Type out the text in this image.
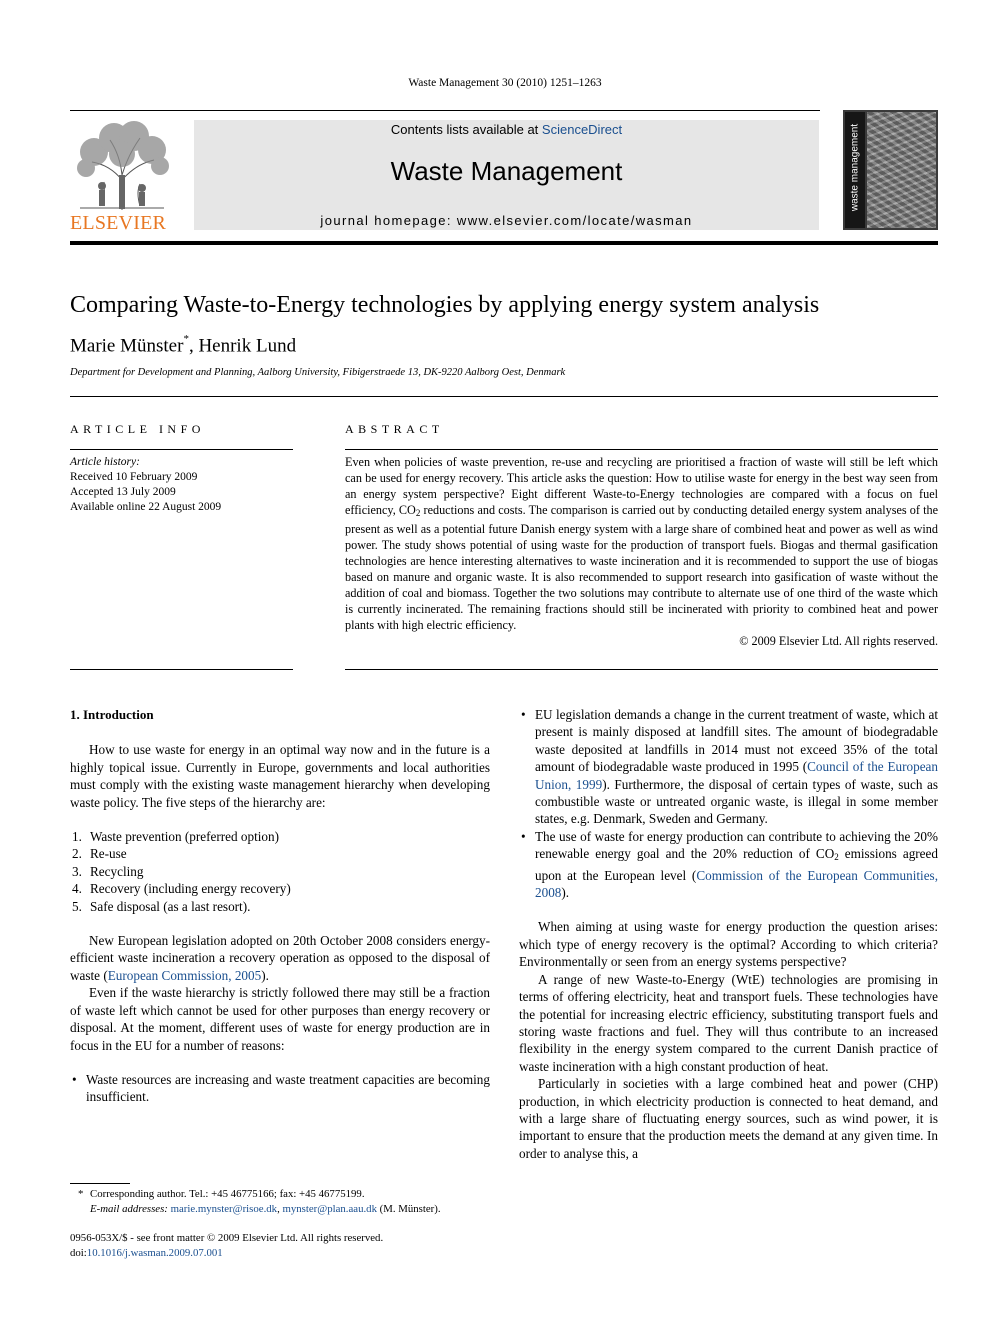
Waste Management 30 (2010) 1251–1263
ELSEVIER
Contents lists available at ScienceDirect
Waste Management
journal homepage: www.elsevier.com/locate/wasman
waste management
Comparing Waste-to-Energy technologies by applying energy system analysis
Marie Münster*, Henrik Lund
Department for Development and Planning, Aalborg University, Fibigerstraede 13, DK-9220 Aalborg Oest, Denmark
ARTICLE INFO
Article history:
Received 10 February 2009
Accepted 13 July 2009
Available online 22 August 2009
ABSTRACT
Even when policies of waste prevention, re-use and recycling are prioritised a fraction of waste will still be left which can be used for energy recovery. This article asks the question: How to utilise waste for energy in the best way seen from an energy system perspective? Eight different Waste-to-Energy technologies are compared with a focus on fuel efficiency, $CO_2$ reductions and costs. The comparison is carried out by conducting detailed energy system analyses of the present as well as a potential future Danish energy system with a large share of combined heat and power as well as wind power. The study shows potential of using waste for the production of transport fuels. Biogas and thermal gasification technologies are hence interesting alternatives to waste incineration and it is recommended to support the use of biogas based on manure and organic waste. It is also recommended to support research into gasification of waste without the addition of coal and biomass. Together the two solutions may contribute to alternate use of one third of the waste which is currently incinerated. The remaining fractions should still be incinerated with priority to combined heat and power plants with high electric efficiency.
© 2009 Elsevier Ltd. All rights reserved.
1. Introduction

How to use waste for energy in an optimal way now and in the future is a highly topical issue. Currently in Europe, governments and local authorities must comply with the existing waste management hierarchy when developing waste policy. The five steps of the hierarchy are:

1. Waste prevention (preferred option)
2. Re-use
3. Recycling
4. Recovery (including energy recovery)
5. Safe disposal (as a last resort).

New European legislation adopted on 20th October 2008 considers energy-efficient waste incineration a recovery operation as opposed to the disposal of waste (European Commission, 2005).

Even if the waste hierarchy is strictly followed there may still be a fraction of waste left which cannot be used for other purposes than energy recovery or disposal. At the moment, different uses of waste for energy production are in focus in the EU for a number of reasons:

• Waste resources are increasing and waste treatment capacities are becoming insufficient.
• EU legislation demands a change in the current treatment of waste, which at present is mainly disposed at landfill sites. The amount of biodegradable waste deposited at landfills in 2014 must not exceed 35% of the total amount of biodegradable waste produced in 1995 (Council of the European Union, 1999). Furthermore, the disposal of certain types of waste, such as combustible waste or untreated organic waste, is illegal in some member states, e.g. Denmark, Sweden and Germany.
• The use of waste for energy production can contribute to achieving the 20% renewable energy goal and the 20% reduction of $CO_2$ emissions agreed upon at the European level (Commission of the European Communities, 2008).

When aiming at using waste for energy production the question arises: which type of energy recovery is the optimal? According to which criteria? Environmentally or seen from an energy systems perspective?

A range of new Waste-to-Energy (WtE) technologies are promising in terms of offering electricity, heat and transport fuels. These technologies have the potential for increasing electric efficiency, substituting transport fuels and storing waste fractions and fuel. They will thus contribute to an increased flexibility in the energy system compared to the current Danish practice of waste incineration with a high constant production of heat.

Particularly in societies with a large combined heat and power (CHP) production, in which electricity production is connected to heat demand, and with a large share of fluctuating energy sources, such as wind power, it is important to ensure that the production meets the demand at any given time. In order to analyse this, a

* Corresponding author. Tel.: +45 46775166; fax: +45 46775199.
E-mail addresses: marie.mynster@risoe.dk, mynster@plan.aau.dk (M. Münster).
0956-053X/$ - see front matter © 2009 Elsevier Ltd. All rights reserved.
doi:10.1016/j.wasman.2009.07.001
